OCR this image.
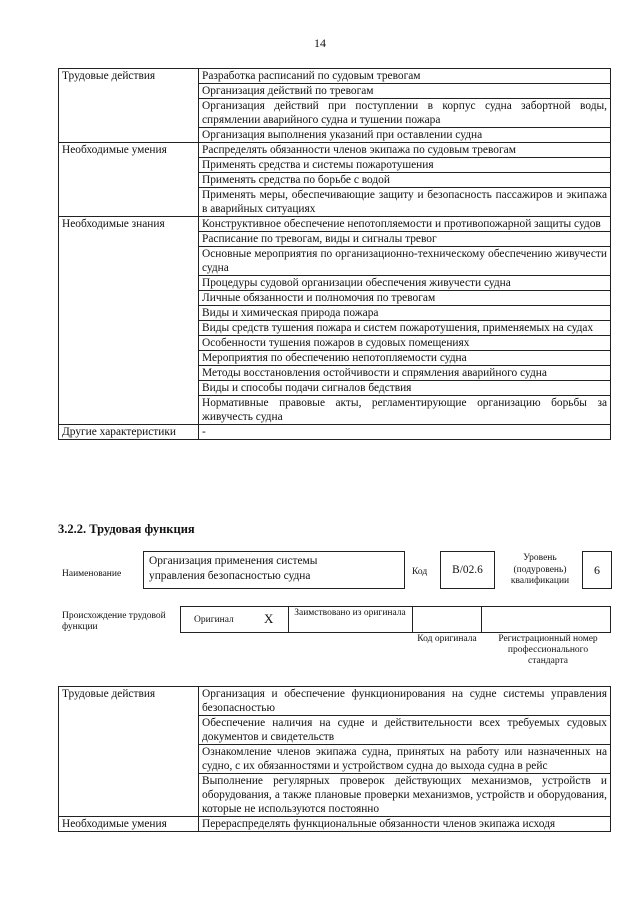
14
Трудовые действия	Разработка расписаний по судовым тревогам
	Организация действий по тревогам
	Организация действий при поступлении в корпус судна забортной воды, спрямлении аварийного судна и тушении пожара
	Организация выполнения указаний при оставлении судна
Необходимые умения	Распределять обязанности членов экипажа по судовым тревогам
	Применять средства и системы пожаротушения
	Применять средства по борьбе с водой
	Применять меры, обеспечивающие защиту и безопасность пассажиров и экипажа в аварийных ситуациях
Необходимые знания	Конструктивное обеспечение непотопляемости и противопожарной защиты судов
	Расписание по тревогам, виды и сигналы тревог
	Основные мероприятия по организационно-техническому обеспечению живучести судна
	Процедуры судовой организации обеспечения живучести судна
	Личные обязанности и полномочия по тревогам
	Виды и химическая природа пожара
	Виды средств тушения пожара и систем пожаротушения, применяемых на судах
	Особенности тушения пожаров в судовых помещениях
	Мероприятия по обеспечению непотопляемости судна
	Методы восстановления остойчивости и спрямления аварийного судна
	Виды и способы подачи сигналов бедствия
	Нормативные правовые акты, регламентирующие организацию борьбы за живучесть судна
Другие характеристики	-
3.2.2. Трудовая функция
Наименование
Организация применения системы управления безопасностью судна	Код	В/02.6
Уровень (подуровень) квалификации
6
Происхождение трудовой функции
Оригинал X	Заимствовано из оригинала
Код оригинала	Регистрационный номер профессионального стандарта
Трудовые действия	Организация и обеспечение функционирования на судне системы управления безопасностью
	Обеспечение наличия на судне и действительности всех требуемых судовых документов и свидетельств
	Ознакомление членов экипажа судна, принятых на работу или назначенных на судно, с их обязанностями и устройством судна до выхода судна в рейс
	Выполнение регулярных проверок действующих механизмов, устройств и оборудования, а также плановые проверки механизмов, устройств и оборудования, которые не используются постоянно
Необходимые умения	Перераспределять функциональные обязанности членов экипажа исходя
